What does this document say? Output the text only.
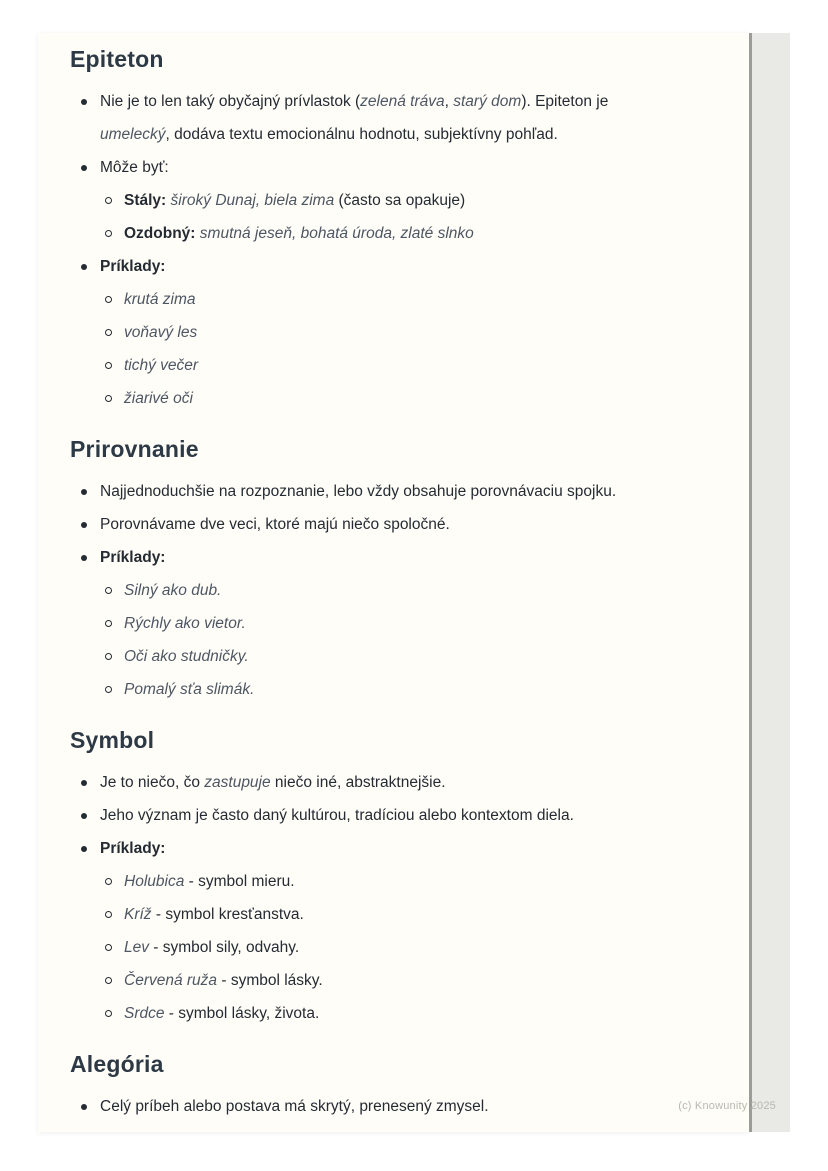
Epiteton
Nie je to len taký obyčajný prívlastok (zelená tráva, starý dom). Epiteton je umelecký, dodáva textu emocionálnu hodnotu, subjektívny pohľad.
Môže byť:
Stály: široký Dunaj, biela zima (často sa opakuje)
Ozdobný: smutná jeseň, bohatá úroda, zlaté slnko
Príklady:
krutá zima
voňavý les
tichý večer
žiarivé oči
Prirovnanie
Najjednoduchšie na rozpoznanie, lebo vždy obsahuje porovnávaciu spojku.
Porovnávame dve veci, ktoré majú niečo spoločné.
Príklady:
Silný ako dub.
Rýchly ako vietor.
Oči ako studničky.
Pomalý sťa slimák.
Symbol
Je to niečo, čo zastupuje niečo iné, abstraktnejšie.
Jeho význam je často daný kultúrou, tradíciou alebo kontextom diela.
Príklady:
Holubica - symbol mieru.
Kríž - symbol kresťanstva.
Lev - symbol sily, odvahy.
Červená ruža - symbol lásky.
Srdce - symbol lásky, života.
Alegória
Celý príbeh alebo postava má skrytý, prenesený zmysel.	(c) Knowunity 2025
